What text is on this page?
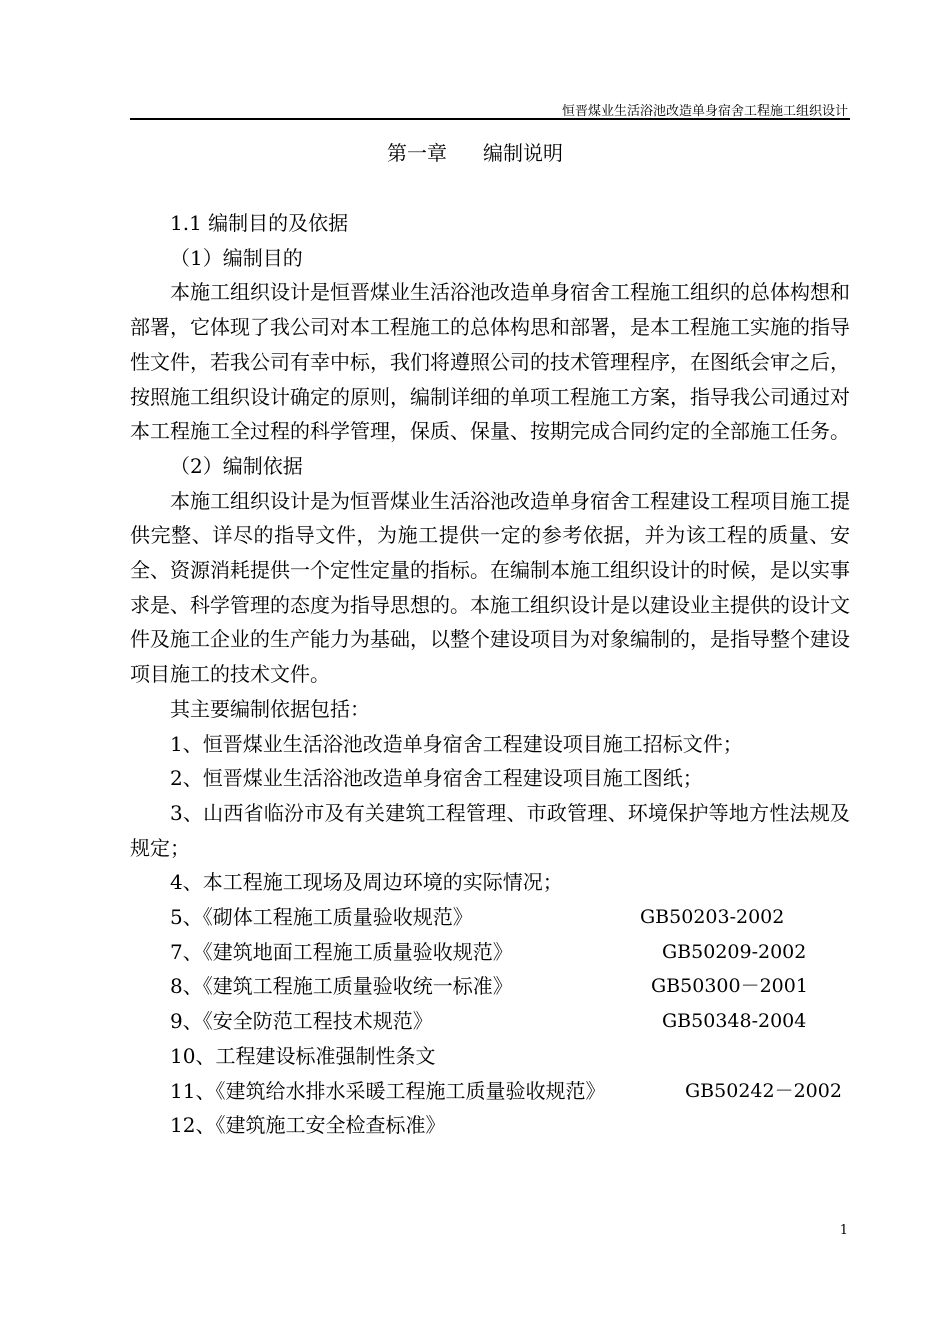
恒晋煤业生活浴池改造单身宿舍工程施工组织设计
第一章 编制说明

1.1 编制目的及依据

（1）编制目的

本施工组织设计是恒晋煤业生活浴池改造单身宿舍工程施工组织的总体构想和部署，它体现了我公司对本工程施工的总体构思和部署，是本工程施工实施的指导性文件，若我公司有幸中标，我们将遵照公司的技术管理程序，在图纸会审之后，按照施工组织设计确定的原则，编制详细的单项工程施工方案，指导我公司通过对本工程施工全过程的科学管理，保质、保量、按期完成合同约定的全部施工任务。

（2）编制依据

本施工组织设计是为恒晋煤业生活浴池改造单身宿舍工程建设工程项目施工提供完整、详尽的指导文件，为施工提供一定的参考依据，并为该工程的质量、安全、资源消耗提供一个定性定量的指标。在编制本施工组织设计的时候，是以实事求是、科学管理的态度为指导思想的。本施工组织设计是以建设业主提供的设计文件及施工企业的生产能力为基础，以整个建设项目为对象编制的，是指导整个建设项目施工的技术文件。

其主要编制依据包括：

1、恒晋煤业生活浴池改造单身宿舍工程建设项目施工招标文件；

2、恒晋煤业生活浴池改造单身宿舍工程建设项目施工图纸；

3、山西省临汾市及有关建筑工程管理、市政管理、环境保护等地方性法规及规定；

4、本工程施工现场及周边环境的实际情况；

5、《砌体工程施工质量验收规范》	GB50203-2002
7、《建筑地面工程施工质量验收规范》	GB50209-2002
8、《建筑工程施工质量验收统一标准》	GB50300－2001
9、《安全防范工程技术规范》	GB50348-2004
10、工程建设标准强制性条文
11、《建筑给水排水采暖工程施工质量验收规范》	GB50242－2002
12、《建筑施工安全检查标准》
1
